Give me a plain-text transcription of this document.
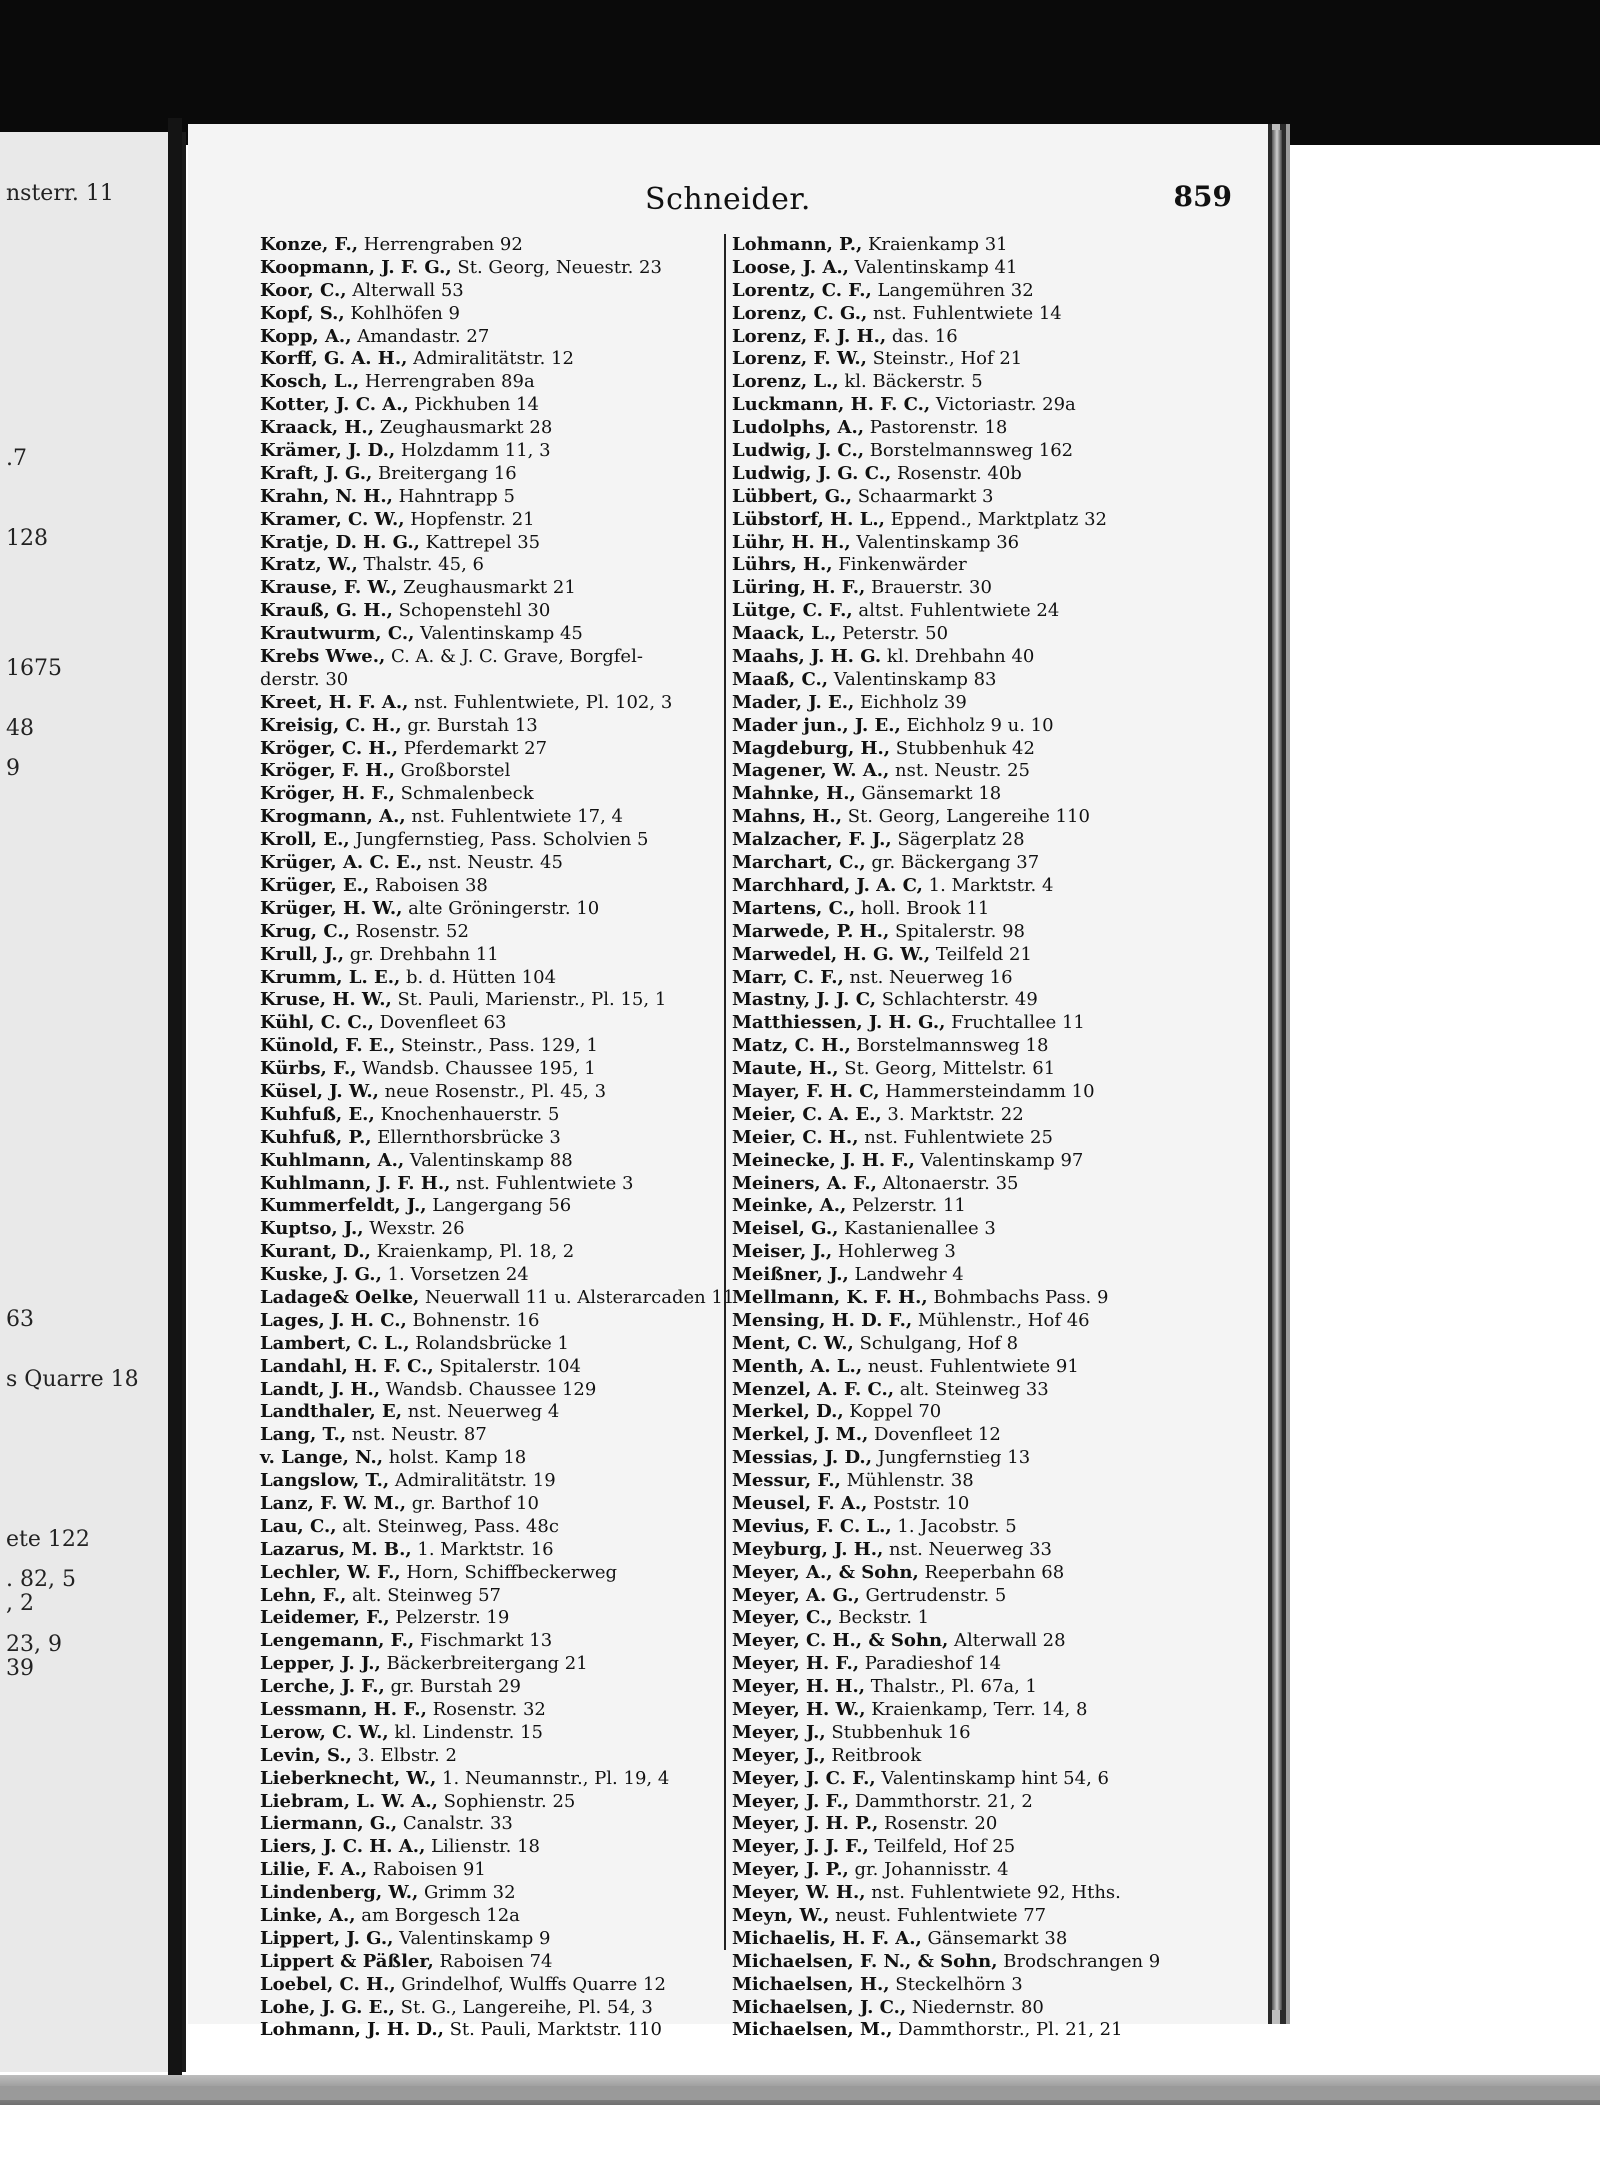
nsterr. 11
.7
128
1675
48
9
63
s Quarre 18
ete 122
. 82, 5
, 2
23, 9
39
Schneider.	859
Konze, F., Herrengraben 92
Koopmann, J. F. G., St. Georg, Neuestr. 23
Koor, C., Alterwall 53
Kopf, S., Kohlhöfen 9
Kopp, A., Amandastr. 27
Korff, G. A. H., Admiralitätstr. 12
Kosch, L., Herrengraben 89a
Kotter, J. C. A., Pickhuben 14
Kraack, H., Zeughausmarkt 28
Krämer, J. D., Holzdamm 11, 3
Kraft, J. G., Breitergang 16
Krahn, N. H., Hahntrapp 5
Kramer, C. W., Hopfenstr. 21
Kratje, D. H. G., Kattrepel 35
Kratz, W., Thalstr. 45, 6
Krause, F. W., Zeughausmarkt 21
Krauß, G. H., Schopenstehl 30
Krautwurm, C., Valentinskamp 45
Krebs Wwe., C. A. & J. C. Grave, Borgfel-
derstr. 30
Kreet, H. F. A., nst. Fuhlentwiete, Pl. 102, 3
Kreisig, C. H., gr. Burstah 13
Kröger, C. H., Pferdemarkt 27
Kröger, F. H., Großborstel
Kröger, H. F., Schmalenbeck
Krogmann, A., nst. Fuhlentwiete 17, 4
Kroll, E., Jungfernstieg, Pass. Scholvien 5
Krüger, A. C. E., nst. Neustr. 45
Krüger, E., Raboisen 38
Krüger, H. W., alte Gröningerstr. 10
Krug, C., Rosenstr. 52
Krull, J., gr. Drehbahn 11
Krumm, L. E., b. d. Hütten 104
Kruse, H. W., St. Pauli, Marienstr., Pl. 15, 1
Kühl, C. C., Dovenfleet 63
Künold, F. E., Steinstr., Pass. 129, 1
Kürbs, F., Wandsb. Chaussee 195, 1
Küsel, J. W., neue Rosenstr., Pl. 45, 3
Kuhfuß, E., Knochenhauerstr. 5
Kuhfuß, P., Ellernthorsbrücke 3
Kuhlmann, A., Valentinskamp 88
Kuhlmann, J. F. H., nst. Fuhlentwiete 3
Kummerfeldt, J., Langergang 56
Kuptso, J., Wexstr. 26
Kurant, D., Kraienkamp, Pl. 18, 2
Kuske, J. G., 1. Vorsetzen 24
Ladage& Oelke, Neuerwall 11 u. Alsterarcaden 11
Lages, J. H. C., Bohnenstr. 16
Lambert, C. L., Rolandsbrücke 1
Landahl, H. F. C., Spitalerstr. 104
Landt, J. H., Wandsb. Chaussee 129
Landthaler, E, nst. Neuerweg 4
Lang, T., nst. Neustr. 87
v. Lange, N., holst. Kamp 18
Langslow, T., Admiralitätstr. 19
Lanz, F. W. M., gr. Barthof 10
Lau, C., alt. Steinweg, Pass. 48c
Lazarus, M. B., 1. Marktstr. 16
Lechler, W. F., Horn, Schiffbeckerweg
Lehn, F., alt. Steinweg 57
Leidemer, F., Pelzerstr. 19
Lengemann, F., Fischmarkt 13
Lepper, J. J., Bäckerbreitergang 21
Lerche, J. F., gr. Burstah 29
Lessmann, H. F., Rosenstr. 32
Lerow, C. W., kl. Lindenstr. 15
Levin, S., 3. Elbstr. 2
Lieberknecht, W., 1. Neumannstr., Pl. 19, 4
Liebram, L. W. A., Sophienstr. 25
Liermann, G., Canalstr. 33
Liers, J. C. H. A., Lilienstr. 18
Lilie, F. A., Raboisen 91
Lindenberg, W., Grimm 32
Linke, A., am Borgesch 12a
Lippert, J. G., Valentinskamp 9
Lippert & Päßler, Raboisen 74
Loebel, C. H., Grindelhof, Wulffs Quarre 12
Lohe, J. G. E., St. G., Langereihe, Pl. 54, 3
Lohmann, J. H. D., St. Pauli, Marktstr. 110
Lohmann, P., Kraienkamp 31
Loose, J. A., Valentinskamp 41
Lorentz, C. F., Langemühren 32
Lorenz, C. G., nst. Fuhlentwiete 14
Lorenz, F. J. H., das. 16
Lorenz, F. W., Steinstr., Hof 21
Lorenz, L., kl. Bäckerstr. 5
Luckmann, H. F. C., Victoriastr. 29a
Ludolphs, A., Pastorenstr. 18
Ludwig, J. C., Borstelmannsweg 162
Ludwig, J. G. C., Rosenstr. 40b
Lübbert, G., Schaarmarkt 3
Lübstorf, H. L., Eppend., Marktplatz 32
Lühr, H. H., Valentinskamp 36
Lührs, H., Finkenwärder
Lüring, H. F., Brauerstr. 30
Lütge, C. F., altst. Fuhlentwiete 24
Maack, L., Peterstr. 50
Maahs, J. H. G. kl. Drehbahn 40
Maaß, C., Valentinskamp 83
Mader, J. E., Eichholz 39
Mader jun., J. E., Eichholz 9 u. 10
Magdeburg, H., Stubbenhuk 42
Magener, W. A., nst. Neustr. 25
Mahnke, H., Gänsemarkt 18
Mahns, H., St. Georg, Langereihe 110
Malzacher, F. J., Sägerplatz 28
Marchart, C., gr. Bäckergang 37
Marchhard, J. A. C, 1. Marktstr. 4
Martens, C., holl. Brook 11
Marwede, P. H., Spitalerstr. 98
Marwedel, H. G. W., Teilfeld 21
Marr, C. F., nst. Neuerweg 16
Mastny, J. J. C, Schlachterstr. 49
Matthiessen, J. H. G., Fruchtallee 11
Matz, C. H., Borstelmannsweg 18
Maute, H., St. Georg, Mittelstr. 61
Mayer, F. H. C, Hammersteindamm 10
Meier, C. A. E., 3. Marktstr. 22
Meier, C. H., nst. Fuhlentwiete 25
Meinecke, J. H. F., Valentinskamp 97
Meiners, A. F., Altonaerstr. 35
Meinke, A., Pelzerstr. 11
Meisel, G., Kastanienallee 3
Meiser, J., Hohlerweg 3
Meißner, J., Landwehr 4
Mellmann, K. F. H., Bohmbachs Pass. 9
Mensing, H. D. F., Mühlenstr., Hof 46
Ment, C. W., Schulgang, Hof 8
Menth, A. L., neust. Fuhlentwiete 91
Menzel, A. F. C., alt. Steinweg 33
Merkel, D., Koppel 70
Merkel, J. M., Dovenfleet 12
Messias, J. D., Jungfernstieg 13
Messur, F., Mühlenstr. 38
Meusel, F. A., Poststr. 10
Mevius, F. C. L., 1. Jacobstr. 5
Meyburg, J. H., nst. Neuerweg 33
Meyer, A., & Sohn, Reeperbahn 68
Meyer, A. G., Gertrudenstr. 5
Meyer, C., Beckstr. 1
Meyer, C. H., & Sohn, Alterwall 28
Meyer, H. F., Paradieshof 14
Meyer, H. H., Thalstr., Pl. 67a, 1
Meyer, H. W., Kraienkamp, Terr. 14, 8
Meyer, J., Stubbenhuk 16
Meyer, J., Reitbrook
Meyer, J. C. F., Valentinskamp hint 54, 6
Meyer, J. F., Dammthorstr. 21, 2
Meyer, J. H. P., Rosenstr. 20
Meyer, J. J. F., Teilfeld, Hof 25
Meyer, J. P., gr. Johannisstr. 4
Meyer, W. H., nst. Fuhlentwiete 92, Hths.
Meyn, W., neust. Fuhlentwiete 77
Michaelis, H. F. A., Gänsemarkt 38
Michaelsen, F. N., & Sohn, Brodschrangen 9
Michaelsen, H., Steckelhörn 3
Michaelsen, J. C., Niedernstr. 80
Michaelsen, M., Dammthorstr., Pl. 21, 21
